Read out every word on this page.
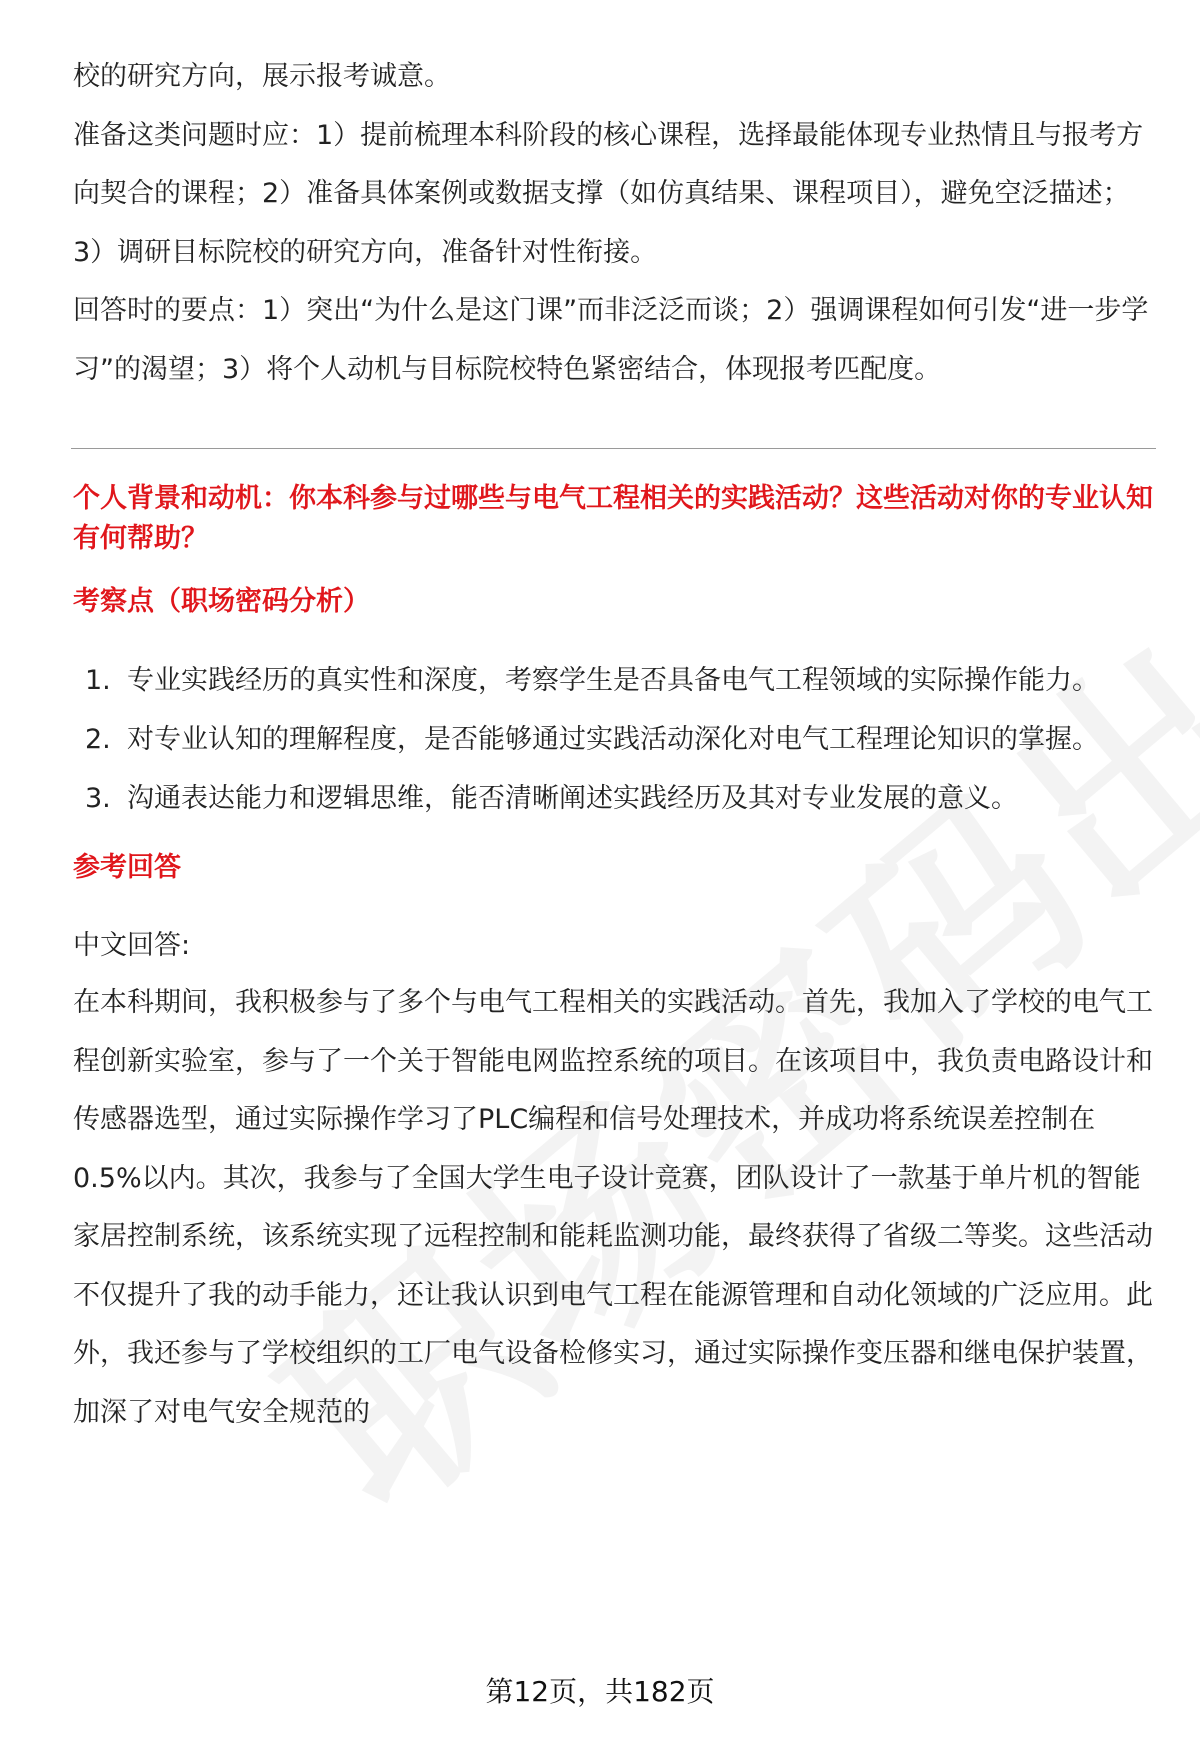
校的研究方向，展示报考诚意。

准备这类问题时应：1）提前梳理本科阶段的核心课程，选择最能体现专业热情且与报考方向契合的课程；2）准备具体案例或数据支撑（如仿真结果、课程项目），避免空泛描述；3）调研目标院校的研究方向，准备针对性衔接。

回答时的要点：1）突出“为什么是这门课”而非泛泛而谈；2）强调课程如何引发“进一步学习”的渴望；3）将个人动机与目标院校特色紧密结合，体现报考匹配度。

个人背景和动机：你本科参与过哪些与电气工程相关的实践活动？这些活动对你的专业认知有何帮助？
考察点（职场密码分析）
1. 专业实践经历的真实性和深度，考察学生是否具备电气工程领域的实际操作能力。
2. 对专业认知的理解程度，是否能够通过实践活动深化对电气工程理论知识的掌握。
3. 沟通表达能力和逻辑思维，能否清晰阐述实践经历及其对专业发展的意义。
参考回答

中文回答:

在本科期间，我积极参与了多个与电气工程相关的实践活动。首先，我加入了学校的电气工程创新实验室，参与了一个关于智能电网监控系统的项目。在该项目中，我负责电路设计和传感器选型，通过实际操作学习了PLC编程和信号处理技术，并成功将系统误差控制在0.5%以内。其次，我参与了全国大学生电子设计竞赛，团队设计了一款基于单片机的智能家居控制系统，该系统实现了远程控制和能耗监测功能，最终获得了省级二等奖。这些活动不仅提升了我的动手能力，还让我认识到电气工程在能源管理和自动化领域的广泛应用。此外，我还参与了学校组织的工厂电气设备检修实习，通过实际操作变压器和继电保护装置，加深了对电气安全规范的

第12页，共182页
